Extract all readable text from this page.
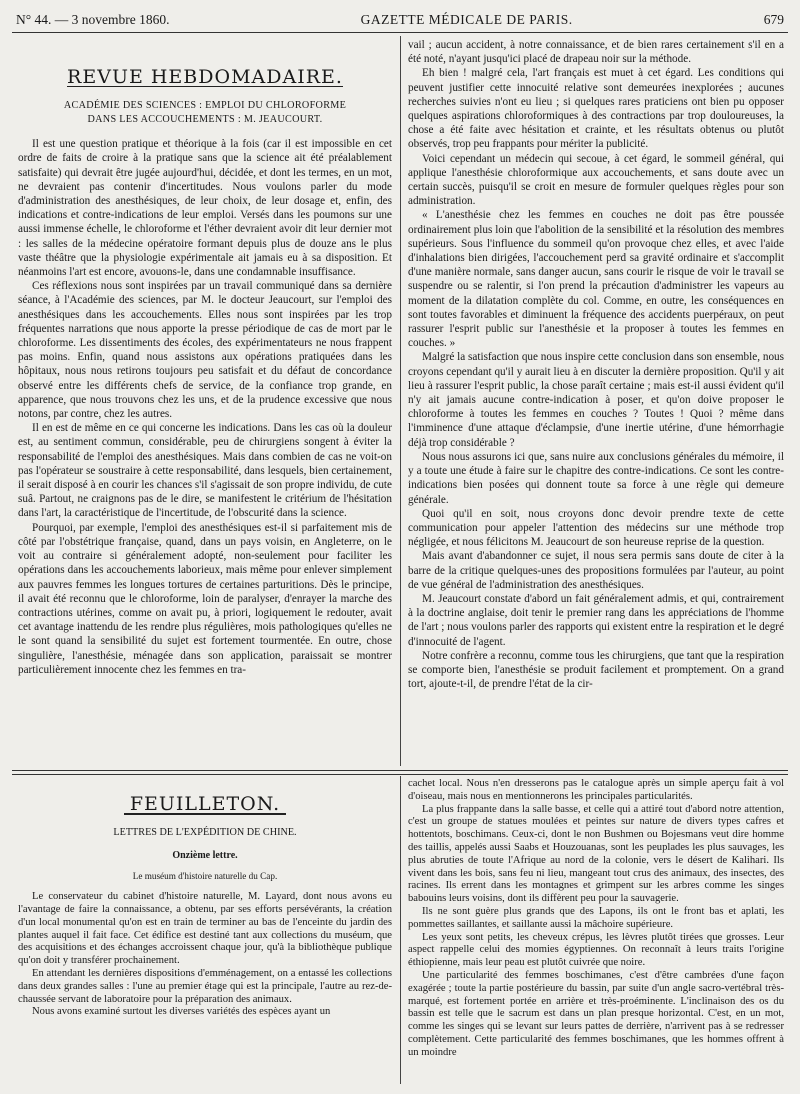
N° 44. — 3 novembre 1860.	GAZETTE MÉDICALE DE PARIS.	679
REVUE HEBDOMADAIRE.
ACADÉMIE DES SCIENCES : EMPLOI DU CHLOROFORME
DANS LES ACCOUCHEMENTS : M. JEAUCOURT.

Il est une question pratique et théorique à la fois (car il est impossible en cet ordre de faits de croire à la pratique sans que la science ait été préalablement satisfaite) qui devrait être jugée aujourd'hui, décidée, et dont les termes, en un mot, ne devraient pas contenir d'incertitudes. Nous voulons parler du mode d'administration des anesthésiques, de leur choix, de leur dosage et, enfin, des indications et contre-indications de leur emploi. Versés dans les poumons sur une aussi immense échelle, le chloroforme et l'éther devraient avoir dit leur dernier mot : les salles de la médecine opératoire formant depuis plus de douze ans le plus vaste théâtre que la physiologie expérimentale ait jamais eu à sa disposition. Et néanmoins l'art est encore, avouons-le, dans une condamnable insuffisance.

Ces réflexions nous sont inspirées par un travail communiqué dans sa dernière séance, à l'Académie des sciences, par M. le docteur Jeaucourt, sur l'emploi des anesthésiques dans les accouchements. Elles nous sont inspirées par les trop fréquentes narrations que nous apporte la presse périodique de cas de mort par le chloroforme. Les dissentiments des écoles, des expérimentateurs ne nous frappent pas moins. Enfin, quand nous assistons aux opérations pratiquées dans les hôpitaux, nous nous retirons toujours peu satisfait et du défaut de concordance observé entre les différents chefs de service, de la confiance trop grande, en apparence, que nous trouvons chez les uns, et de la prudence excessive que nous notons, par contre, chez les autres.

Il en est de même en ce qui concerne les indications. Dans les cas où la douleur est, au sentiment commun, considérable, peu de chirurgiens songent à éviter la responsabilité de l'emploi des anesthésiques. Mais dans combien de cas ne voit-on pas l'opérateur se soustraire à cette responsabilité, dans lesquels, bien certainement, il serait disposé à en courir les chances s'il s'agissait de son propre individu, de cute suâ. Partout, ne craignons pas de le dire, se manifestent le critérium de l'hésitation dans l'art, la caractéristique de l'incertitude, de l'obscurité dans la science.

Pourquoi, par exemple, l'emploi des anesthésiques est-il si parfaitement mis de côté par l'obstétrique française, quand, dans un pays voisin, en Angleterre, on le voit au contraire si généralement adopté, non-seulement pour faciliter les opérations dans les accouchements laborieux, mais même pour enlever simplement aux pauvres femmes les longues tortures de certaines parturitions. Dès le principe, il avait été reconnu que le chloroforme, loin de paralyser, d'enrayer la marche des contractions utérines, comme on avait pu, à priori, logiquement le redouter, avait cet avantage inattendu de les rendre plus régulières, mois pathologiques qu'elles ne le sont quand la sensibilité du sujet est fortement tourmentée. En outre, chose singulière, l'anesthésie, ménagée dans son application, paraissait se montrer particulièrement innocente chez les femmes en tra-

vail ; aucun accident, à notre connaissance, et de bien rares certainement s'il en a été noté, n'ayant jusqu'ici placé de drapeau noir sur la méthode.

Eh bien ! malgré cela, l'art français est muet à cet égard. Les conditions qui peuvent justifier cette innocuité relative sont demeurées inexplorées ; aucunes recherches suivies n'ont eu lieu ; si quelques rares praticiens ont bien pu opposer quelques aspirations chloroformiques à des contractions par trop douloureuses, la chose a été faite avec hésitation et crainte, et les résultats obtenus ou plutôt observés, trop peu frappants pour mériter la publicité.

Voici cependant un médecin qui secoue, à cet égard, le sommeil général, qui applique l'anesthésie chloroformique aux accouchements, et sans doute avec un certain succès, puisqu'il se croit en mesure de formuler quelques règles pour son administration.

« L'anesthésie chez les femmes en couches ne doit pas être poussée ordinairement plus loin que l'abolition de la sensibilité et la résolution des membres supérieurs. Sous l'influence du sommeil qu'on provoque chez elles, et avec l'aide d'inhalations bien dirigées, l'accouchement perd sa gravité ordinaire et s'accomplit d'une manière normale, sans danger aucun, sans courir le risque de voir le travail se suspendre ou se ralentir, si l'on prend la précaution d'administrer les vapeurs au moment de la dilatation complète du col. Comme, en outre, les conséquences en sont toutes favorables et diminuent la fréquence des accidents puerpéraux, on peut rassurer l'esprit public sur l'anesthésie et la proposer à toutes les femmes en couches. »

Malgré la satisfaction que nous inspire cette conclusion dans son ensemble, nous croyons cependant qu'il y aurait lieu à en discuter la dernière proposition. Qu'il y ait lieu à rassurer l'esprit public, la chose paraît certaine ; mais est-il aussi évident qu'il n'y ait jamais aucune contre-indication à poser, et qu'on doive proposer le chloroforme à toutes les femmes en couches ? Toutes ! Quoi ? même dans l'imminence d'une attaque d'éclampsie, d'une inertie utérine, d'une hémorrhagie déjà trop considérable ?

Nous nous assurons ici que, sans nuire aux conclusions générales du mémoire, il y a toute une étude à faire sur le chapitre des contre-indications. Ce sont les contre-indications bien posées qui donnent toute sa force à une règle qui demeure générale.

Quoi qu'il en soit, nous croyons donc devoir prendre texte de cette communication pour appeler l'attention des médecins sur une méthode trop négligée, et nous félicitons M. Jeaucourt de son heureuse reprise de la question.

Mais avant d'abandonner ce sujet, il nous sera permis sans doute de citer à la barre de la critique quelques-unes des propositions formulées par l'auteur, au point de vue général de l'administration des anesthésiques.

M. Jeaucourt constate d'abord un fait généralement admis, et qui, contrairement à la doctrine anglaise, doit tenir le premier rang dans les appréciations de l'homme de l'art ; nous voulons parler des rapports qui existent entre la respiration et le degré d'innocuité de l'agent.

Notre confrère a reconnu, comme tous les chirurgiens, que tant que la respiration se comporte bien, l'anesthésie se produit facilement et promptement. On a grand tort, ajoute-t-il, de prendre l'état de la cir-

FEUILLETON.
LETTRES DE L'EXPÉDITION DE CHINE.
Onzième lettre.
Le muséum d'histoire naturelle du Cap.

Le conservateur du cabinet d'histoire naturelle, M. Layard, dont nous avons eu l'avantage de faire la connaissance, a obtenu, par ses efforts persévérants, la création d'un local monumental qu'on est en train de terminer au bas de l'enceinte du jardin des plantes auquel il fait face. Cet édifice est destiné tant aux collections du muséum, que des acquisitions et des échanges accroissent chaque jour, qu'à la bibliothèque publique qu'on doit y transférer prochainement.

En attendant les dernières dispositions d'emménagement, on a entassé les collections dans deux grandes salles : l'une au premier étage qui est la principale, l'autre au rez-de-chaussée servant de laboratoire pour la préparation des animaux.

Nous avons examiné surtout les diverses variétés des espèces ayant un

cachet local. Nous n'en dresserons pas le catalogue après un simple aperçu fait à vol d'oiseau, mais nous en mentionnerons les principales particularités.

La plus frappante dans la salle basse, et celle qui a attiré tout d'abord notre attention, c'est un groupe de statues moulées et peintes sur nature de divers types cafres et hottentots, boschimans. Ceux-ci, dont le non Bushmen ou Bojesmans veut dire homme des taillis, appelés aussi Saabs et Houzouanas, sont les peuplades les plus sauvages, les plus abruties de toute l'Afrique au nord de la colonie, vers le désert de Kalihari. Ils vivent dans les bois, sans feu ni lieu, mangeant tout crus des animaux, des insectes, des racines. Ils errent dans les montagnes et grimpent sur les arbres comme les singes babouins leurs voisins, dont ils diffèrent peu pour la sauvagerie.

Ils ne sont guère plus grands que des Lapons, ils ont le front bas et aplati, les pommettes saillantes, et saillante aussi la mâchoire supérieure.

Les yeux sont petits, les cheveux crépus, les lèvres plutôt tirées que grosses. Leur aspect rappelle celui des momies égyptiennes. On reconnaît à leurs traits l'origine éthiopienne, mais leur peau est plutôt cuivrée que noire.

Une particularité des femmes boschimanes, c'est d'être cambrées d'une façon exagérée ; toute la partie postérieure du bassin, par suite d'un angle sacro-vertébral très-marqué, est fortement portée en arrière et très-proéminente. L'inclinaison des os du bassin est telle que le sacrum est dans un plan presque horizontal. C'est, en un mot, comme les singes qui se levant sur leurs pattes de derrière, n'arrivent pas à se redresser complètement. Cette particularité des femmes boschimanes, que les hommes offrent à un moindre
